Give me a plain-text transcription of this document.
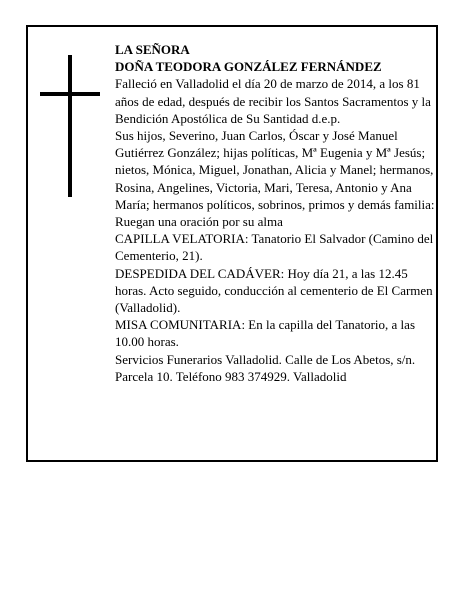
LA SEÑORA

DOÑA TEODORA GONZÁLEZ FERNÁNDEZ

Falleció en Valladolid el día 20 de marzo de 2014, a los 81 años de edad, después de recibir los Santos Sacramentos y la Bendición Apostólica de Su Santidad d.e.p.

Sus hijos, Severino, Juan Carlos, Óscar y José Manuel Gutiérrez González; hijas políticas, Mª Eugenia y Mª Jesús; nietos, Mónica, Miguel, Jonathan, Alicia y Manel; hermanos, Rosina, Angelines, Victoria, Mari, Teresa, Antonio y Ana María; hermanos políticos, sobrinos, primos y demás familia:

Ruegan una oración por su alma

CAPILLA VELATORIA: Tanatorio El Salvador (Camino del Cementerio, 21).

DESPEDIDA DEL CADÁVER: Hoy día 21, a las 12.45 horas. Acto seguido, conducción al cementerio de El Carmen (Valladolid).

MISA COMUNITARIA: En la capilla del Tanatorio, a las 10.00 horas.

Servicios Funerarios Valladolid. Calle de Los Abetos, s/n. Parcela 10. Teléfono 983 374929. Valladolid
